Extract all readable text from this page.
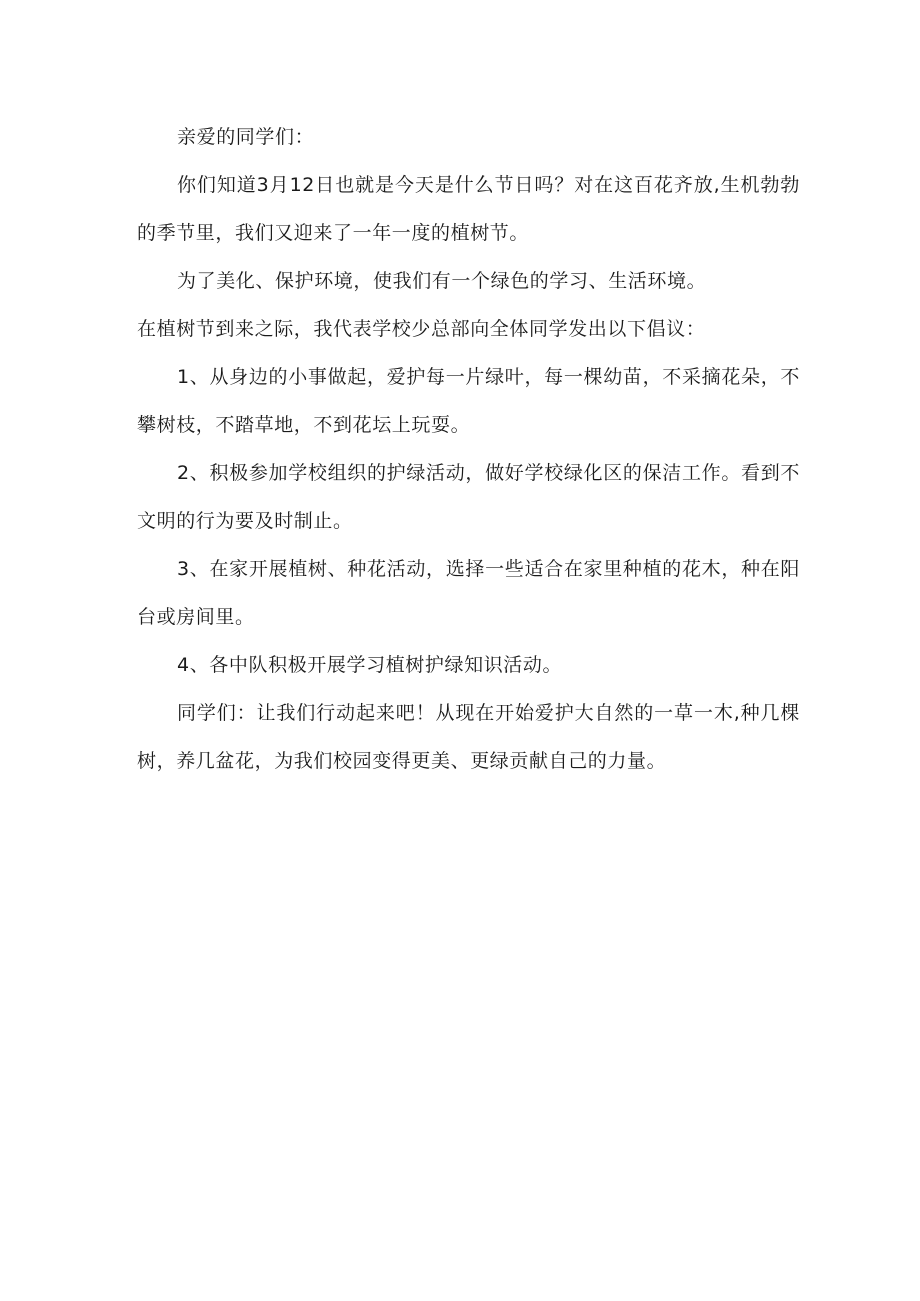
亲爱的同学们：

你们知道3月12日也就是今天是什么节日吗？对在这百花齐放,生机勃勃的季节里，我们又迎来了一年一度的植树节。

为了美化、保护环境，使我们有一个绿色的学习、生活环境。

在植树节到来之际，我代表学校少总部向全体同学发出以下倡议：

1、从身边的小事做起，爱护每一片绿叶，每一棵幼苗，不采摘花朵，不攀树枝，不踏草地，不到花坛上玩耍。

2、积极参加学校组织的护绿活动，做好学校绿化区的保洁工作。看到不文明的行为要及时制止。

3、在家开展植树、种花活动，选择一些适合在家里种植的花木，种在阳台或房间里。

4、各中队积极开展学习植树护绿知识活动。

同学们：让我们行动起来吧！从现在开始爱护大自然的一草一木,种几棵树，养几盆花，为我们校园变得更美、更绿贡献自己的力量。
